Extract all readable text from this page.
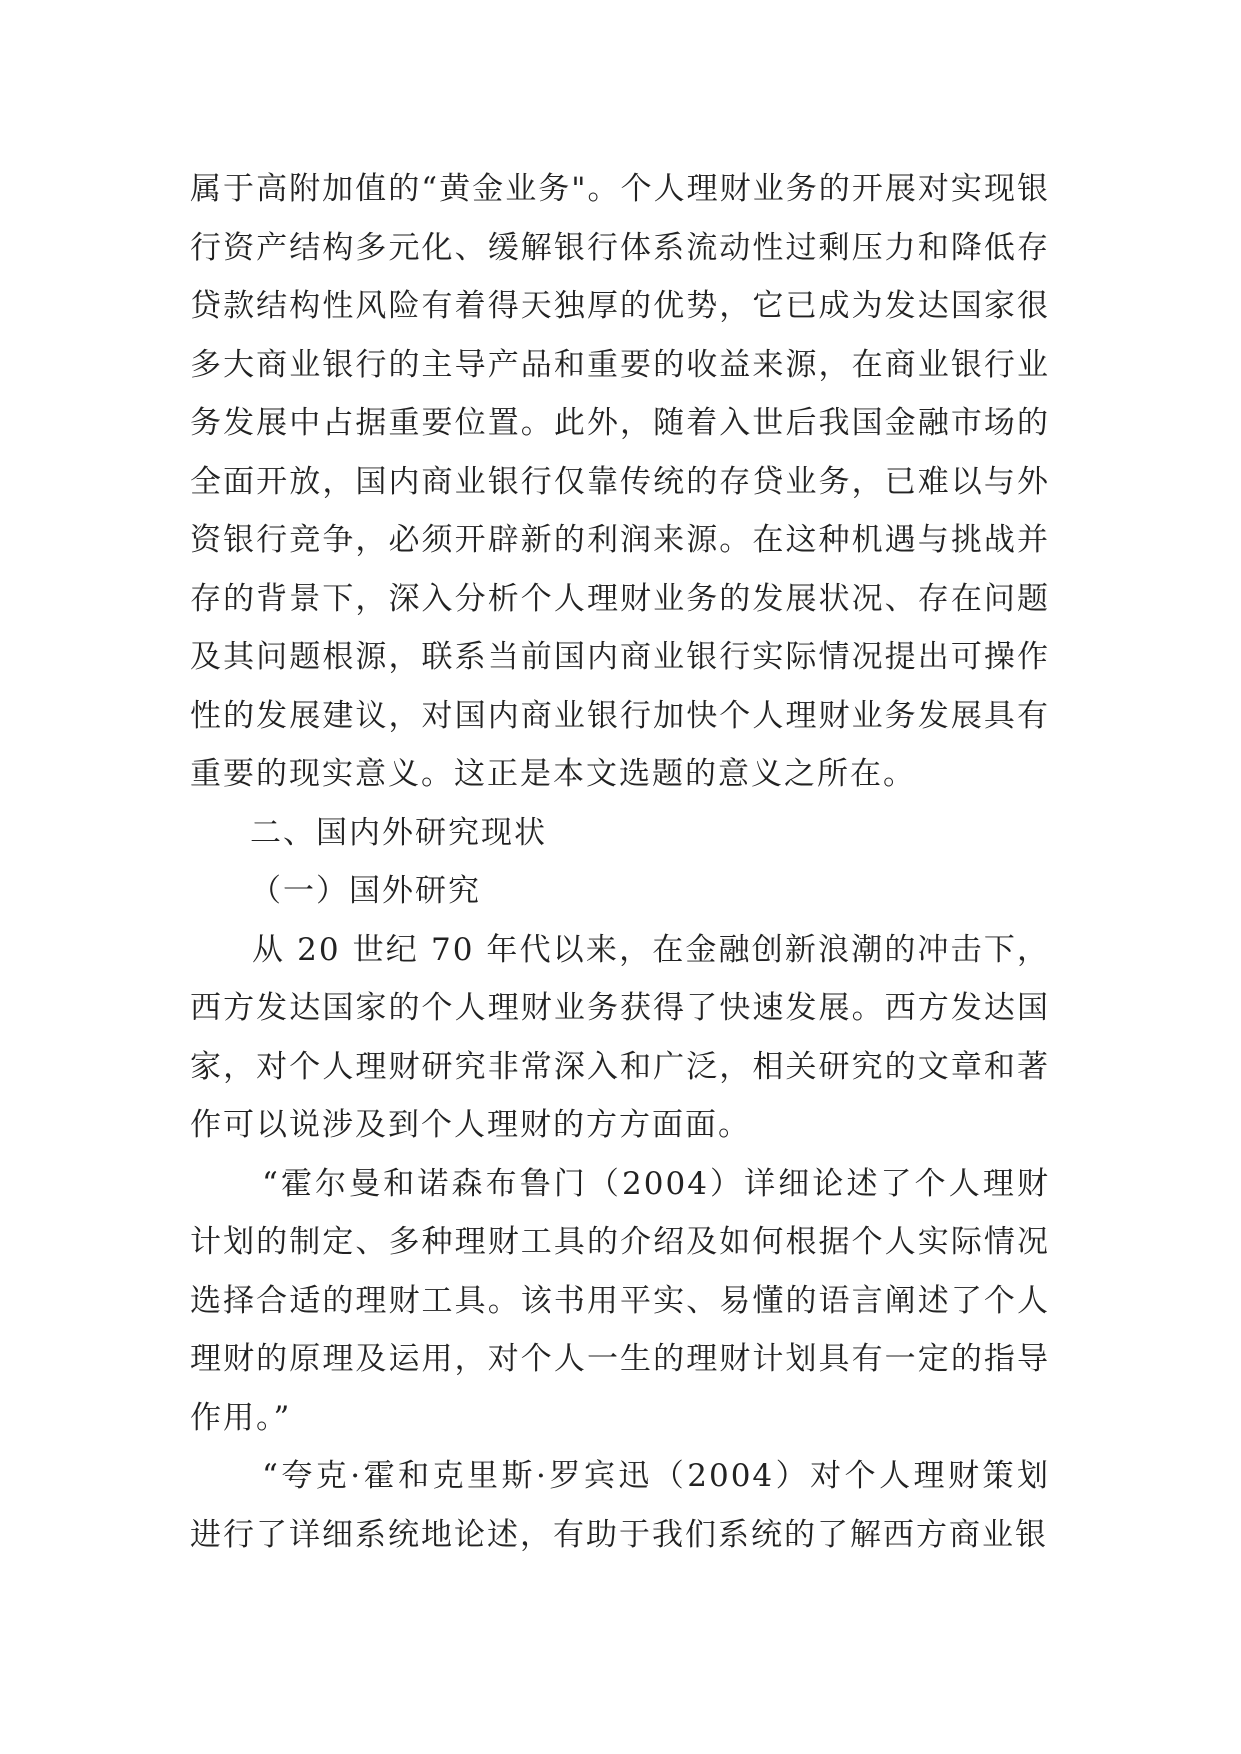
属于高附加值的“黄金业务"。个人理财业务的开展对实现银行资产结构多元化、缓解银行体系流动性过剩压力和降低存贷款结构性风险有着得天独厚的优势，它已成为发达国家很多大商业银行的主导产品和重要的收益来源，在商业银行业务发展中占据重要位置。此外，随着入世后我国金融市场的全面开放，国内商业银行仅靠传统的存贷业务，已难以与外资银行竞争，必须开辟新的利润来源。在这种机遇与挑战并存的背景下，深入分析个人理财业务的发展状况、存在问题及其问题根源，联系当前国内商业银行实际情况提出可操作性的发展建议，对国内商业银行加快个人理财业务发展具有重要的现实意义。这正是本文选题的意义之所在。

二、国内外研究现状

（一）国外研究

从 20 世纪 70 年代以来，在金融创新浪潮的冲击下，西方发达国家的个人理财业务获得了快速发展。西方发达国家，对个人理财研究非常深入和广泛，相关研究的文章和著作可以说涉及到个人理财的方方面面。

“霍尔曼和诺森布鲁门（2004）详细论述了个人理财计划的制定、多种理财工具的介绍及如何根据个人实际情况选择合适的理财工具。该书用平实、易懂的语言阐述了个人理财的原理及运用，对个人一生的理财计划具有一定的指导作用。”

“夸克·霍和克里斯·罗宾迅（2004）对个人理财策划进行了详细系统地论述，有助于我们系统的了解西方商业银
